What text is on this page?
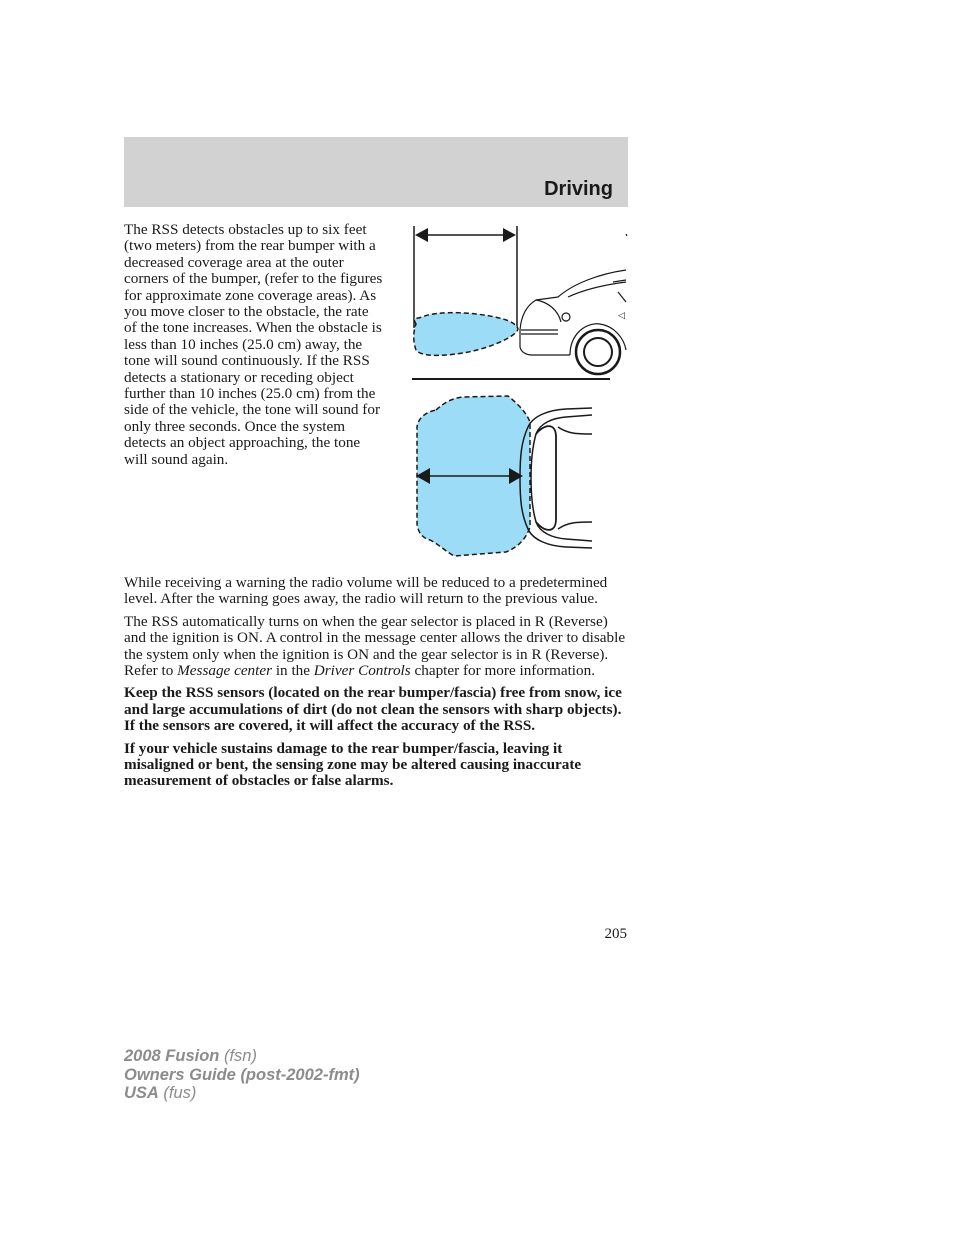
Driving

The RSS detects obstacles up to six feet (two meters) from the rear bumper with a decreased coverage area at the outer corners of the bumper, (refer to the figures for approximate zone coverage areas). As you move closer to the obstacle, the rate of the tone increases. When the obstacle is less than 10 inches (25.0 cm) away, the tone will sound continuously. If the RSS detects a stationary or receding object further than 10 inches (25.0 cm) from the side of the vehicle, the tone will sound for only three seconds. Once the system detects an object approaching, the tone will sound again.

◁

While receiving a warning the radio volume will be reduced to a predetermined level. After the warning goes away, the radio will return to the previous value.

The RSS automatically turns on when the gear selector is placed in R (Reverse) and the ignition is ON. A control in the message center allows the driver to disable the system only when the ignition is ON and the gear selector is in R (Reverse). Refer to Message center in the Driver Controls chapter for more information.

Keep the RSS sensors (located on the rear bumper/fascia) free from snow, ice and large accumulations of dirt (do not clean the sensors with sharp objects). If the sensors are covered, it will affect the accuracy of the RSS.

If your vehicle sustains damage to the rear bumper/fascia, leaving it misaligned or bent, the sensing zone may be altered causing inaccurate measurement of obstacles or false alarms.

205
2008 Fusion (fsn)
Owners Guide (post-2002-fmt)
USA (fus)
